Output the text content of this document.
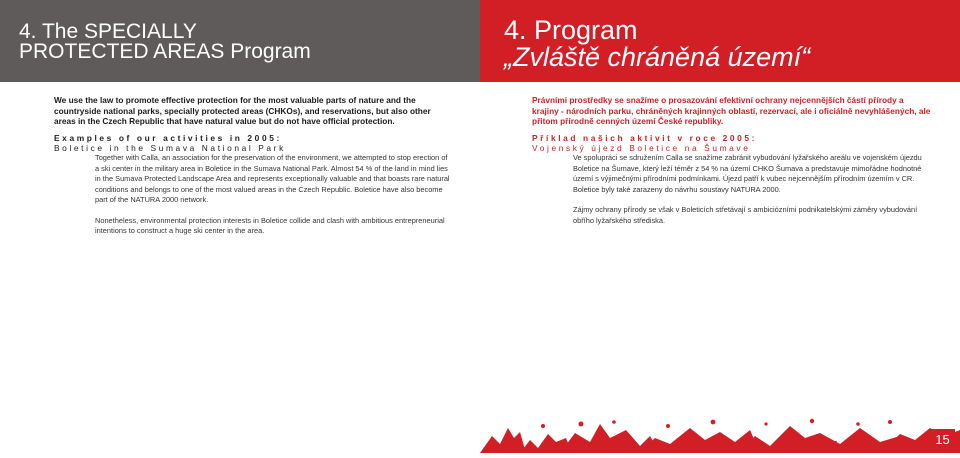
4. The SPECIALLY
PROTECTED AREAS Program
4. Program
„Zvláště chráněná území“
We use the law to promote effective protection for the most valuable parts of nature and the countryside national parks, specially protected areas (CHKOs), and reservations, but also other areas in the Czech Republic that have natural value but do not have official protection.
Právními prostředky se snažíme o prosazování efektivní ochrany nejcennějších částí přírody a krajiny - národních parku, chráněných krajinných oblastí, rezervací, ale i oficiálně nevyhlášených, ale přitom přírodně cenných území České republiky.
Examples of our activities in 2005:
Boletice in the Sumava National Park
Příklad našich aktivit v roce 2005:
Vojenský újezd Boletice na Šumave

Together with Calla, an association for the preservation of the environment, we attempted to stop erection of a ski center in the military area in Boletice in the Sumava National Park. Almost 54 % of the land in mind lies in the Sumava Protected Landscape Area and represents exceptionally valuable and that boasts rare natural conditions and belongs to one of the most valued areas in the Czech Republic. Boletice have also become part of the NATURA 2000 network.

Nonetheless, environmental protection interests in Boletice collide and clash with ambitious entrepreneurial intentions to construct a huge ski center in the area.

Ve spolupráci se sdružením Calla se snažíme zabránit vybudování lyžařského areálu ve vojenském újezdu Boletice na Šumave, který leží téměr z 54 % na území CHKO Šumava a predstavuje mimořádne hodnotné území s výjimečnými přírodními podmínkami. Újezd patří k vubec nejcennějším přírodním územím v CR. Boletice byly také zarazeny do návrhu soustavy NATURA 2000.

Zájmy ochrany přírody se však v Boleticích střetávají s ambiciózními podnikatelskými záměry vybudování obřího lyžařského střediska.

15
